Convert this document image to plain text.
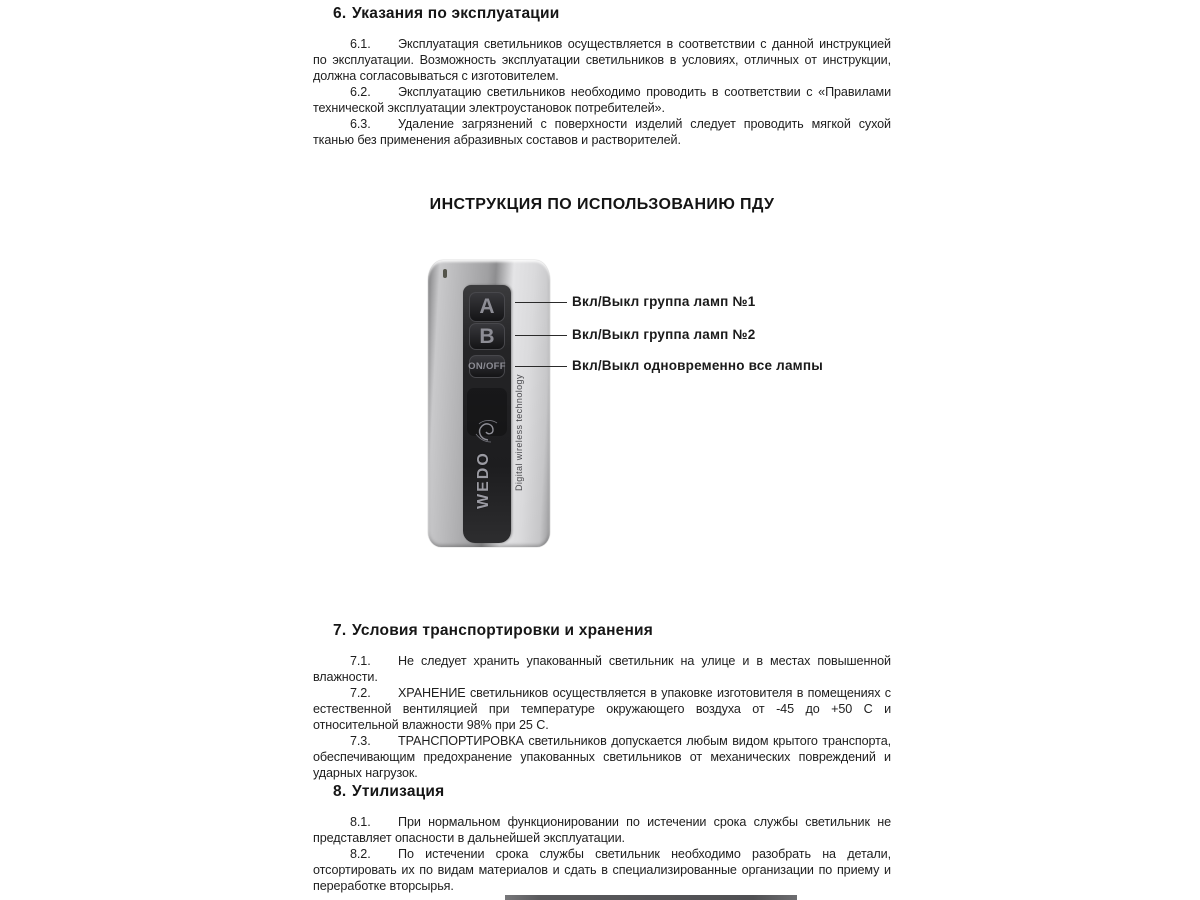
6. Указания по эксплуатации

6.1. Эксплуатация светильников осуществляется в соответствии с данной инструкцией по эксплуатации. Возможность эксплуатации светильников в условиях, отличных от инструкции, должна согласовываться с изготовителем.

6.2. Эксплуатацию светильников необходимо проводить в соответствии с «Правилами технической эксплуатации электроустановок потребителей».

6.3. Удаление загрязнений с поверхности изделий следует проводить мягкой сухой тканью без применения абразивных составов и растворителей.

ИНСТРУКЦИЯ ПО ИСПОЛЬЗОВАНИЮ ПДУ
A
B
ON/OFF
WEDO Digital wireless technology
Вкл/Выкл группа ламп №1
Вкл/Выкл группа ламп №2
Вкл/Выкл одновременно все лампы
7. Условия транспортировки и хранения

7.1. Не следует хранить упакованный светильник на улице и в местах повышенной влажности.

7.2. ХРАНЕНИЕ светильников осуществляется в упаковке изготовителя в помещениях с естественной вентиляцией при температуре окружающего воздуха от -45 до +50 С и относительной влажности 98% при 25 С.

7.3. ТРАНСПОРТИРОВКА светильников допускается любым видом крытого транспорта, обеспечивающим предохранение упакованных светильников от механических повреждений и ударных нагрузок.

8. Утилизация

8.1. При нормальном функционировании по истечении срока службы светильник не представляет опасности в дальнейшей эксплуатации.

8.2. По истечении срока службы светильник необходимо разобрать на детали, отсортировать их по видам материалов и сдать в специализированные организации по приему и переработке вторсырья.
